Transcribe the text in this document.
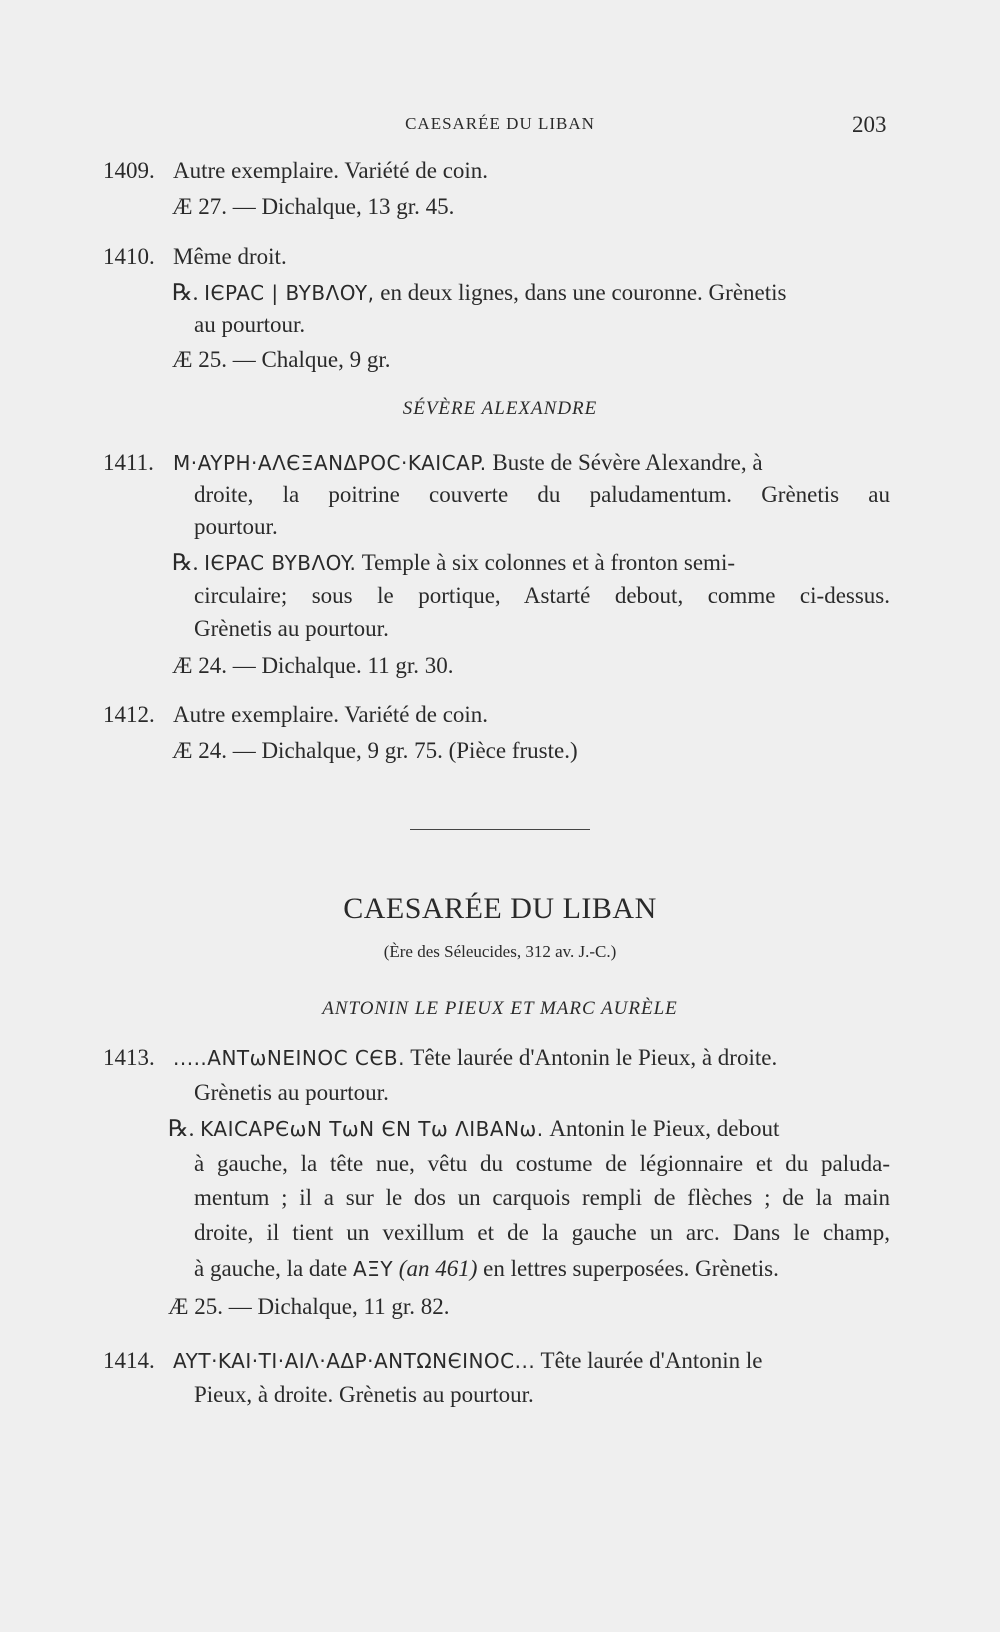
CAESARÉE DU LIBAN	203
1409. Autre exemplaire. Variété de coin.
Æ 27. — Dichalque, 13 gr. 45.
1410. Même droit.
℞. IЄPAC | BYBΛOY, en deux lignes, dans une couronne. Grènetis
au pourtour.
Æ 25. — Chalque, 9 gr.
SÉVÈRE ALEXANDRE
1411. M·AYPH·AΛЄΞANΔPOC·KAICAP. Buste de Sévère Alexandre, à
droite, la poitrine couverte du paludamentum. Grènetis au
pourtour.
℞. IЄPAC BYBΛOY. Temple à six colonnes et à fronton semi-
circulaire; sous le portique, Astarté debout, comme ci-dessus.
Grènetis au pourtour.
Æ 24. — Dichalque. 11 gr. 30.
1412. Autre exemplaire. Variété de coin.
Æ 24. — Dichalque, 9 gr. 75. (Pièce fruste.)
CAESARÉE DU LIBAN
(Ère des Séleucides, 312 av. J.-C.)
ANTONIN LE PIEUX ET MARC AURÈLE
1413. .....ANTωNEINOC CЄB. Tête laurée d'Antonin le Pieux, à droite.
Grènetis au pourtour.
℞. KAICAPЄωN TωN ЄN Tω ΛIBANω. Antonin le Pieux, debout
à gauche, la tête nue, vêtu du costume de légionnaire et du paluda-
mentum ; il a sur le dos un carquois rempli de flèches ; de la main
droite, il tient un vexillum et de la gauche un arc. Dans le champ,
à gauche, la date AΞY (an 461) en lettres superposées. Grènetis.
Æ 25. — Dichalque, 11 gr. 82.
1414. AYT·KAI·TI·AIΛ·AΔP·ANTΩNЄINOC... Tête laurée d'Antonin le
Pieux, à droite. Grènetis au pourtour.
